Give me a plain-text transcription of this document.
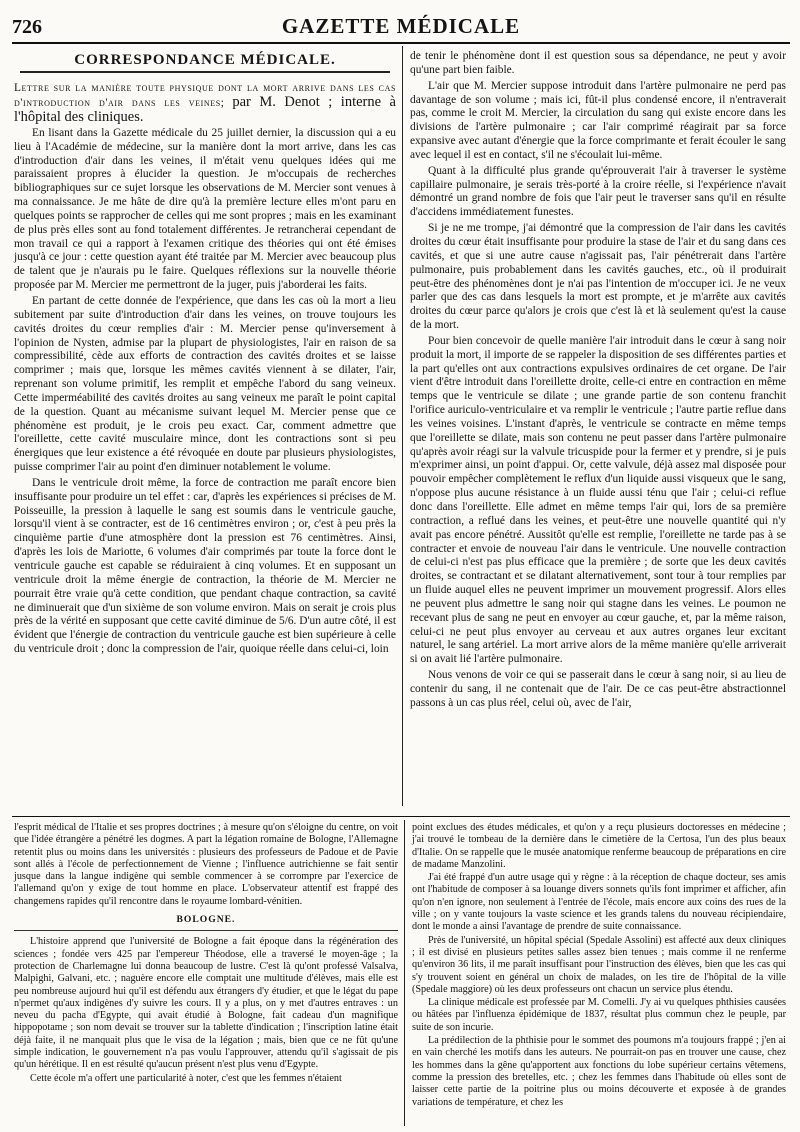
726	GAZETTE MÉDICALE
CORRESPONDANCE MÉDICALE.

Lettre sur la manière toute physique dont la mort arrive dans les cas d'introduction d'air dans les veines; par M. Denot ; interne à l'hôpital des cliniques.

En lisant dans la Gazette médicale du 25 juillet dernier, la discussion qui a eu lieu à l'Académie de médecine, sur la manière dont la mort arrive, dans les cas d'introduction d'air dans les veines, il m'était venu quelques idées qui me paraissaient propres à élucider la question. Je m'occupais de recherches bibliographiques sur ce sujet lorsque les observations de M. Mercier sont venues à ma connaissance. Je me hâte de dire qu'à la première lecture elles m'ont paru en quelques points se rapprocher de celles qui me sont propres ; mais en les examinant de plus près elles sont au fond totalement différentes. Je retrancherai cependant de mon travail ce qui a rapport à l'examen critique des théories qui ont été émises jusqu'à ce jour : cette question ayant été traitée par M. Mercier avec beaucoup plus de talent que je n'aurais pu le faire. Quelques réflexions sur la nouvelle théorie proposée par M. Mercier me permettront de la juger, puis j'aborderai les faits.

En partant de cette donnée de l'expérience, que dans les cas où la mort a lieu subitement par suite d'introduction d'air dans les veines, on trouve toujours les cavités droites du cœur remplies d'air : M. Mercier pense qu'inversement à l'opinion de Nysten, admise par la plupart de physiologistes, l'air en raison de sa compressibilité, cède aux efforts de contraction des cavités droites et se laisse comprimer ; mais que, lorsque les mêmes cavités viennent à se dilater, l'air, reprenant son volume primitif, les remplit et empêche l'abord du sang veineux. Cette imperméabilité des cavités droites au sang veineux me paraît le point capital de la question. Quant au mécanisme suivant lequel M. Mercier pense que ce phénomène est produit, je le crois peu exact. Car, comment admettre que l'oreillette, cette cavité musculaire mince, dont les contractions sont si peu énergiques que leur existence a été révoquée en doute par plusieurs physiologistes, puisse comprimer l'air au point d'en diminuer notablement le volume.

Dans le ventricule droit même, la force de contraction me paraît encore bien insuffisante pour produire un tel effet : car, d'après les expériences si précises de M. Poisseuille, la pression à laquelle le sang est soumis dans le ventricule gauche, lorsqu'il vient à se contracter, est de 16 centimètres environ ; or, c'est à peu près la cinquième partie d'une atmosphère dont la pression est 76 centimètres. Ainsi, d'après les lois de Mariotte, 6 volumes d'air comprimés par toute la force dont le ventricule gauche est capable se réduiraient à cinq volumes. Et en supposant un ventricule droit la même énergie de contraction, la théorie de M. Mercier ne pourrait être vraie qu'à cette condition, que pendant chaque contraction, sa cavité ne diminuerait que d'un sixième de son volume environ. Mais on serait je crois plus près de la vérité en supposant que cette cavité diminue de 5/6. D'un autre côté, il est évident que l'énergie de contraction du ventricule gauche est bien supérieure à celle du ventricule droit ; donc la compression de l'air, quoique réelle dans celui-ci, loin

de tenir le phénomène dont il est question sous sa dépendance, ne peut y avoir qu'une part bien faible.

L'air que M. Mercier suppose introduit dans l'artère pulmonaire ne perd pas davantage de son volume ; mais ici, fût-il plus condensé encore, il n'entraverait pas, comme le croit M. Mercier, la circulation du sang qui existe encore dans les divisions de l'artère pulmonaire ; car l'air comprimé réagirait par sa force expansive avec autant d'énergie que la force comprimante et ferait écouler le sang avec lequel il est en contact, s'il ne s'écoulait lui-même.

Quant à la difficulté plus grande qu'éprouverait l'air à traverser le système capillaire pulmonaire, je serais très-porté à la croire réelle, si l'expérience n'avait démontré un grand nombre de fois que l'air peut le traverser sans qu'il en résulte d'accidens immédiatement funestes.

Si je ne me trompe, j'ai démontré que la compression de l'air dans les cavités droites du cœur était insuffisante pour produire la stase de l'air et du sang dans ces cavités, et que si une autre cause n'agissait pas, l'air pénétrerait dans l'artère pulmonaire, puis probablement dans les cavités gauches, etc., où il produirait peut-être des phénomènes dont je n'ai pas l'intention de m'occuper ici. Je ne veux parler que des cas dans lesquels la mort est prompte, et je m'arrête aux cavités droites du cœur parce qu'alors je crois que c'est là et là seulement qu'est la cause de la mort.

Pour bien concevoir de quelle manière l'air introduit dans le cœur à sang noir produit la mort, il importe de se rappeler la disposition de ses différentes parties et la part qu'elles ont aux contractions expulsives ordinaires de cet organe. De l'air vient d'être introduit dans l'oreillette droite, celle-ci entre en contraction en même temps que le ventricule se dilate ; une grande partie de son contenu franchit l'orifice auriculo-ventriculaire et va remplir le ventricule ; l'autre partie reflue dans les veines voisines. L'instant d'après, le ventricule se contracte en même temps que l'oreillette se dilate, mais son contenu ne peut passer dans l'artère pulmonaire qu'après avoir réagi sur la valvule tricuspide pour la fermer et y prendre, si je puis m'exprimer ainsi, un point d'appui. Or, cette valvule, déjà assez mal disposée pour pouvoir empêcher complètement le reflux d'un liquide aussi visqueux que le sang, n'oppose plus aucune résistance à un fluide aussi ténu que l'air ; celui-ci reflue donc dans l'oreillette. Elle admet en même temps l'air qui, lors de sa première contraction, a reflué dans les veines, et peut-être une nouvelle quantité qui n'y avait pas encore pénétré. Aussitôt qu'elle est remplie, l'oreillette ne tarde pas à se contracter et envoie de nouveau l'air dans le ventricule. Une nouvelle contraction de celui-ci n'est pas plus efficace que la première ; de sorte que les deux cavités droites, se contractant et se dilatant alternativement, sont tour à tour remplies par un fluide auquel elles ne peuvent imprimer un mouvement progressif. Alors elles ne peuvent plus admettre le sang noir qui stagne dans les veines. Le poumon ne recevant plus de sang ne peut en envoyer au cœur gauche, et, par la même raison, celui-ci ne peut plus envoyer au cerveau et aux autres organes leur excitant naturel, le sang artériel. La mort arrive alors de la même manière qu'elle arriverait si on avait lié l'artère pulmonaire.

Nous venons de voir ce qui se passerait dans le cœur à sang noir, si au lieu de contenir du sang, il ne contenait que de l'air. De ce cas peut-être abstractionnel passons à un cas plus réel, celui où, avec de l'air,

l'esprit médical de l'Italie et ses propres doctrines ; à mesure qu'on s'éloigne du centre, on voit que l'idée étrangère a pénétré les dogmes. A part la légation romaine de Bologne, l'Allemagne retentit plus ou moins dans les universités : plusieurs des professeurs de Padoue et de Pavie sont allés à l'école de perfectionnement de Vienne ; l'influence autrichienne se fait sentir jusque dans la langue indigène qui semble commencer à se corrompre par l'exercice de l'allemand qu'on y exige de tout homme en place. L'observateur attentif est frappé des changemens rapides qu'il rencontre dans le royaume lombard-vénitien.

BOLOGNE.

L'histoire apprend que l'université de Bologne a fait époque dans la régénération des sciences ; fondée vers 425 par l'empereur Théodose, elle a traversé le moyen-âge ; la protection de Charlemagne lui donna beaucoup de lustre. C'est là qu'ont professé Valsalva, Malpighi, Galvani, etc. ; naguère encore elle comptait une multitude d'élèves, mais elle est peu nombreuse aujourd hui qu'il est défendu aux étrangers d'y étudier, et que le légat du pape n'permet qu'aux indigènes d'y suivre les cours. Il y a plus, on y met d'autres entraves : un neveu du pacha d'Egypte, qui avait étudié à Bologne, fait cadeau d'un magnifique hippopotame ; son nom devait se trouver sur la tablette d'indication ; l'inscription latine était déjà faite, il ne manquait plus que le visa de la légation ; mais, bien que ce ne fût qu'une simple indication, le gouvernement n'a pas voulu l'approuver, attendu qu'il s'agissait de pis qu'un hérétique. Il en est résulté qu'aucun présent n'est plus venu d'Egypte.

Cette école m'a offert une particularité à noter, c'est que les femmes n'étaient

point exclues des études médicales, et qu'on y a reçu plusieurs doctoresses en médecine ; j'ai trouvé le tombeau de la dernière dans le cimetière de la Certosa, l'un des plus beaux d'Italie. On se rappelle que le musée anatomique renferme beaucoup de préparations en cire de madame Manzolini.

J'ai été frappé d'un autre usage qui y règne : à la réception de chaque docteur, ses amis ont l'habitude de composer à sa louange divers sonnets qu'ils font imprimer et afficher, afin qu'on n'en ignore, non seulement à l'entrée de l'école, mais encore aux coins des rues de la ville ; on y vante toujours la vaste science et les grands talens du nouveau récipiendaire, dont le monde a ainsi l'avantage de prendre de suite connaissance.

Près de l'université, un hôpital spécial (Spedale Assolini) est affecté aux deux cliniques ; il est divisé en plusieurs petites salles assez bien tenues ; mais comme il ne renferme qu'environ 36 lits, il me paraît insuffisant pour l'instruction des élèves, bien que les cas qui s'y trouvent soient en général un choix de malades, on les tire de l'hôpital de la ville (Spedale maggiore) où les deux professeurs ont chacun un service plus étendu.

La clinique médicale est professée par M. Comelli. J'y ai vu quelques phthisies causées ou hâtées par l'influenza épidémique de 1837, résultat plus commun chez le peuple, par suite de son incurie.

La prédilection de la phthisie pour le sommet des poumons m'a toujours frappé ; j'en ai en vain cherché les motifs dans les auteurs. Ne pourrait-on pas en trouver une cause, chez les hommes dans la gêne qu'apportent aux fonctions du lobe supérieur certains vêtemens, comme la pression des bretelles, etc. ; chez les femmes dans l'habitude où elles sont de laisser cette partie de la poitrine plus ou moins découverte et exposée à de grandes variations de température, et chez les
